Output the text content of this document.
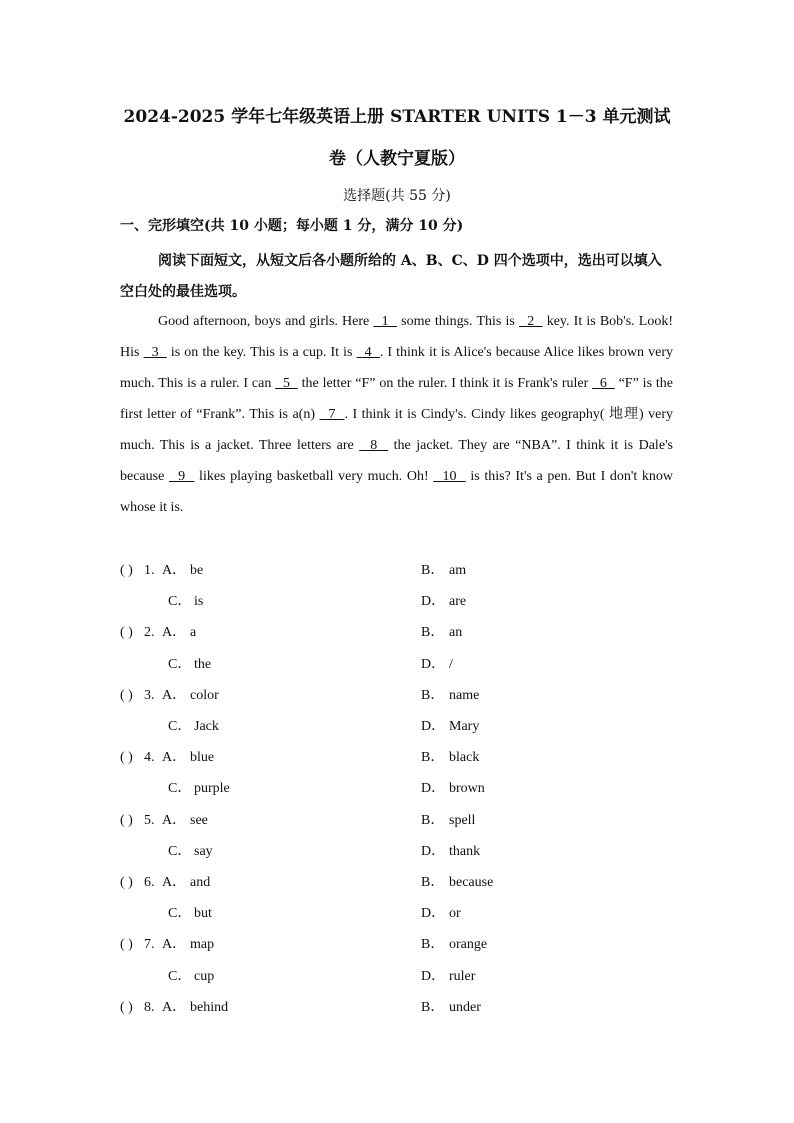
2024-2025 学年七年级英语上册 STARTER UNITS 1－3 单元测试
卷（人教宁夏版）
选择题(共 55 分)
一、完形填空(共 10 小题；每小题 1 分，满分 10 分)
阅读下面短文，从短文后各小题所给的 A、B、C、D 四个选项中，选出可以填入空白处的最佳选项。
Good afternoon, boys and girls. Here   1   some things. This is   2   key. It is Bob's. Look! His   3   is on the key. This is a cup. It is   4  . I think it is Alice's because Alice likes brown very much. This is a ruler. I can   5   the letter “F” on the ruler. I think it is Frank's ruler   6   “F” is the first letter of “Frank”. This is a(n)   7  . I think it is Cindy's. Cindy likes geography( 地理) very much. This is a jacket. Three letters are   8   the jacket. They are “NBA”. I think it is Dale's because   9   likes playing basketball very much. Oh!   10   is this? It's a pen. But I don't know whose it is.
( ) 1. A． be	B． am
C． is	D． are
( ) 2. A． a	B． an
C． the	D． /
( ) 3. A． color	B． name
C． Jack	D． Mary
( ) 4. A． blue	B． black
C． purple	D． brown
( ) 5. A． see	B． spell
C． say	D． thank
( ) 6. A． and	B． because
C． but	D． or
( ) 7. A． map	B． orange
C． cup	D． ruler
( ) 8. A． behind	B． under
